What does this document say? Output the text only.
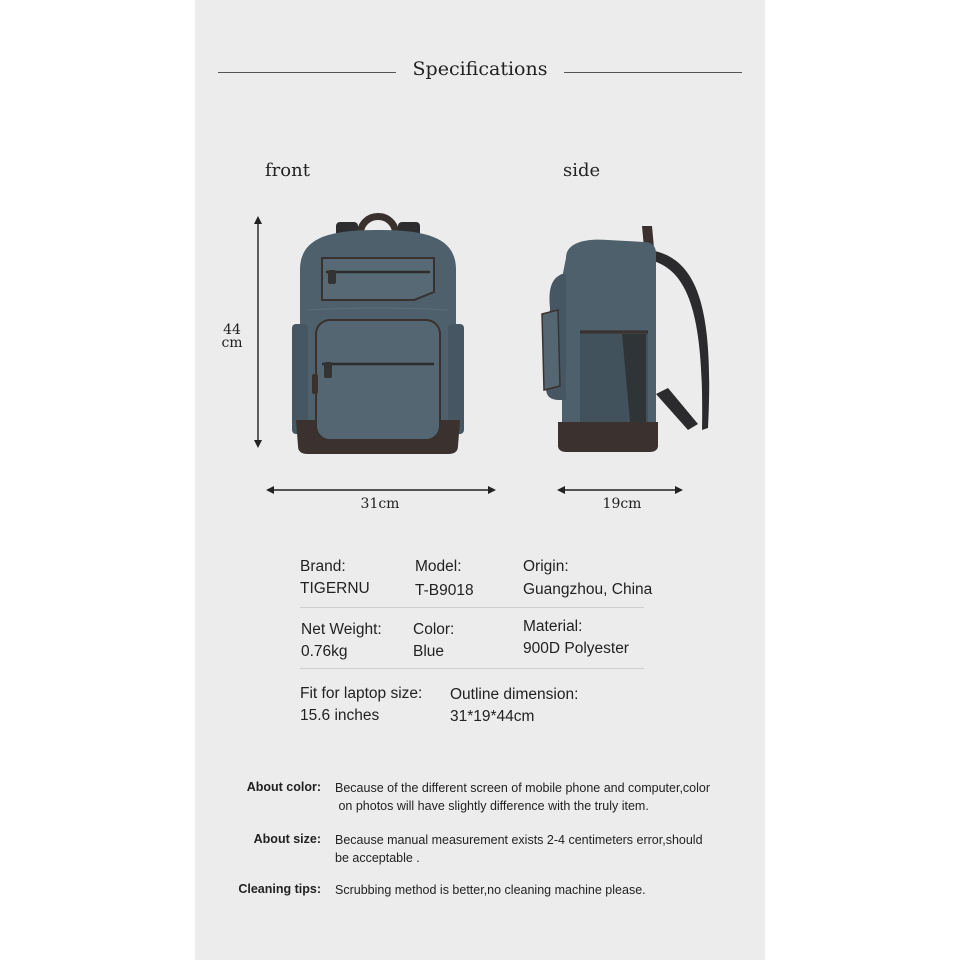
Specifications
front	side
44
cm
31cm	19cm
Brand:
TIGERNU
Model:
T-B9018
Origin:
Guangzhou, China
Net Weight:
0.76kg
Color:
Blue
Material:
900D Polyester
Fit for laptop size:
15.6 inches
Outline dimension:
31*19*44cm
About color: Because of the different screen of mobile phone and computer,color
on photos will have slightly difference with the truly item.
About size: Because manual measurement exists 2-4 centimeters error,should
be acceptable .
Cleaning tips: Scrubbing method is better,no cleaning machine please.
